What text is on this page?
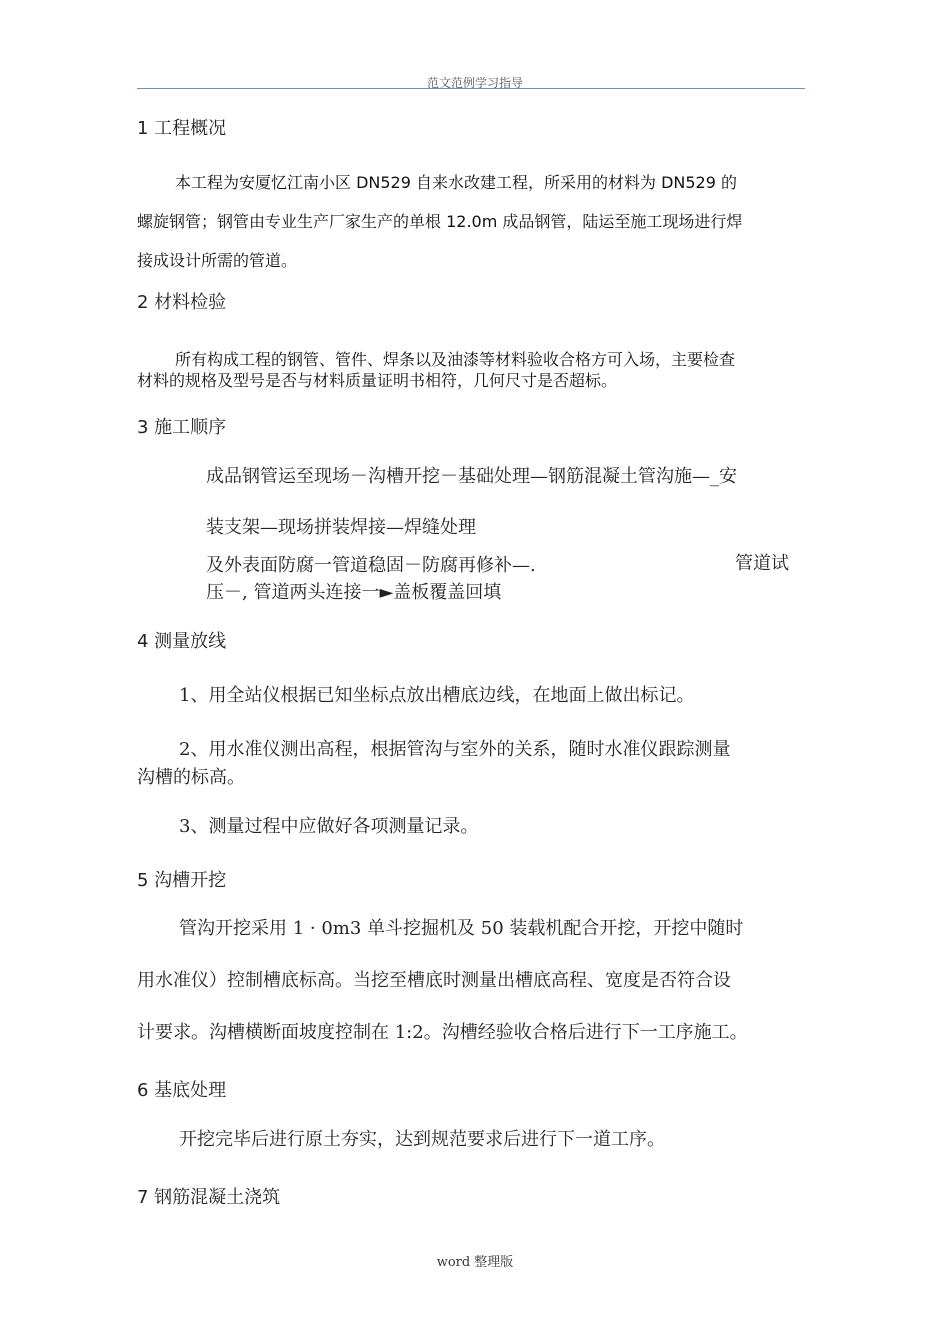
范文范例学习指导
1 工程概况
本工程为安厦忆江南小区 DN529 自来水改建工程，所采用的材料为 DN529 的
螺旋钢管；钢管由专业生产厂家生产的单根 12.0m 成品钢管，陆运至施工现场进行焊
接成设计所需的管道。
2 材料检验
所有构成工程的钢管、管件、焊条以及油漆等材料验收合格方可入场，主要检查
材料的规格及型号是否与材料质量证明书相符，几何尺寸是否超标。
3 施工顺序
成品钢管运至现场－沟槽开挖－基础处理—钢筋混凝土管沟施—_安
装支架—现场拼装焊接—焊缝处理
及外表面防腐一管道稳固－防腐再修补—.	管道试
压－, 管道两头连接一►盖板覆盖回填
4 测量放线
1、用全站仪根据已知坐标点放出槽底边线，在地面上做出标记。
2、用水准仪测出高程，根据管沟与室外的关系，随时水准仪跟踪测量
沟槽的标高。
3、测量过程中应做好各项测量记录。
5 沟槽开挖
管沟开挖采用 1 · 0m3 单斗挖掘机及 50 装载机配合开挖，开挖中随时
用水准仪）控制槽底标高。当挖至槽底时测量出槽底高程、宽度是否符合设
计要求。沟槽横断面坡度控制在 1:2。沟槽经验收合格后进行下一工序施工。
6 基底处理
开挖完毕后进行原土夯实，达到规范要求后进行下一道工序。
7 钢筋混凝土浇筑
word 整理版
